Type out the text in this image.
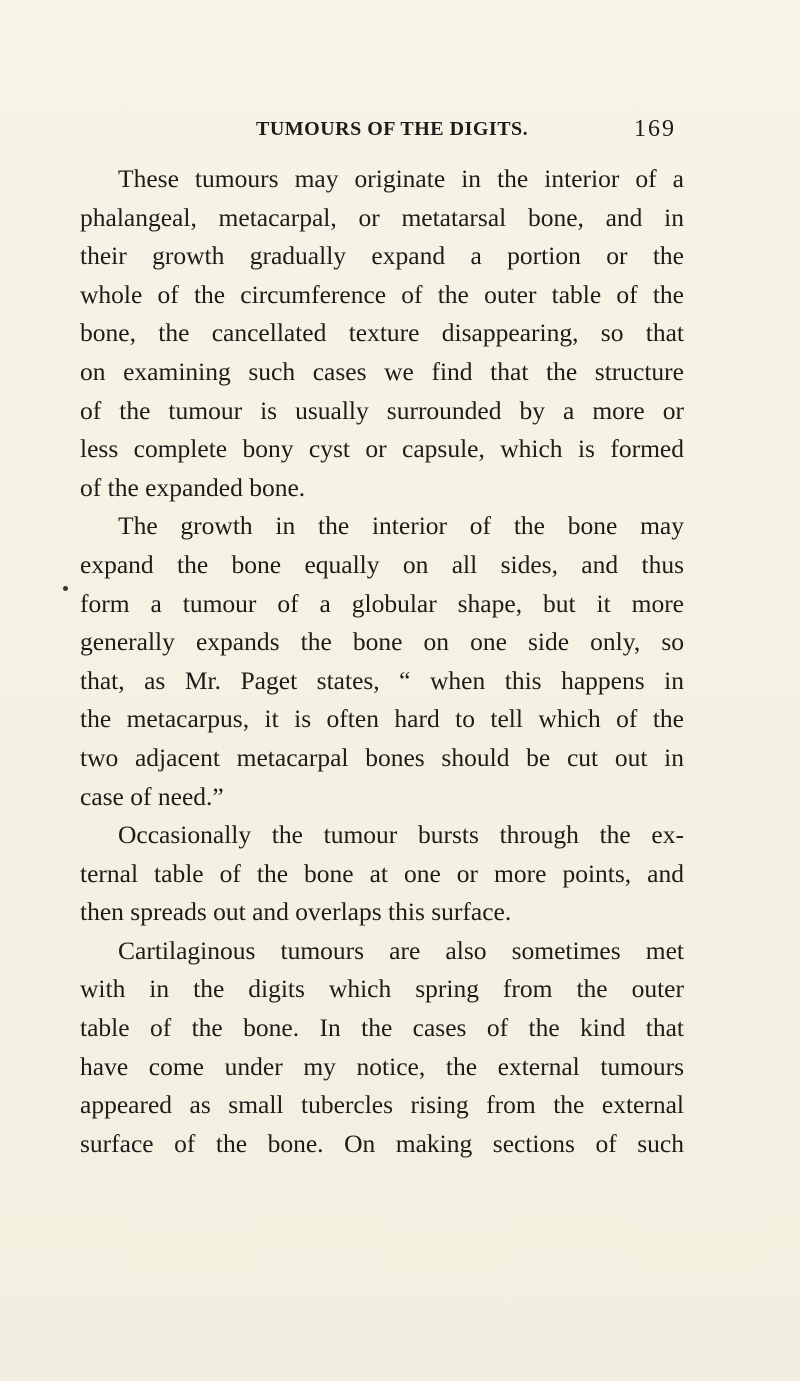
TUMOURS OF THE DIGITS.	169
These tumours may originate in the interior of a
phalangeal, metacarpal, or metatarsal bone, and in
their growth gradually expand a portion or the
whole of the circumference of the outer table of the
bone, the cancellated texture disappearing, so that
on examining such cases we find that the structure
of the tumour is usually surrounded by a more or
less complete bony cyst or capsule, which is formed
of the expanded bone.
The growth in the interior of the bone may
expand the bone equally on all sides, and thus
form a tumour of a globular shape, but it more
generally expands the bone on one side only, so
that, as Mr. Paget states, “ when this happens in
the metacarpus, it is often hard to tell which of the
two adjacent metacarpal bones should be cut out in
case of need.”
Occasionally the tumour bursts through the ex-
ternal table of the bone at one or more points, and
then spreads out and overlaps this surface.
Cartilaginous tumours are also sometimes met
with in the digits which spring from the outer
table of the bone. In the cases of the kind that
have come under my notice, the external tumours
appeared as small tubercles rising from the external
surface of the bone. On making sections of such
